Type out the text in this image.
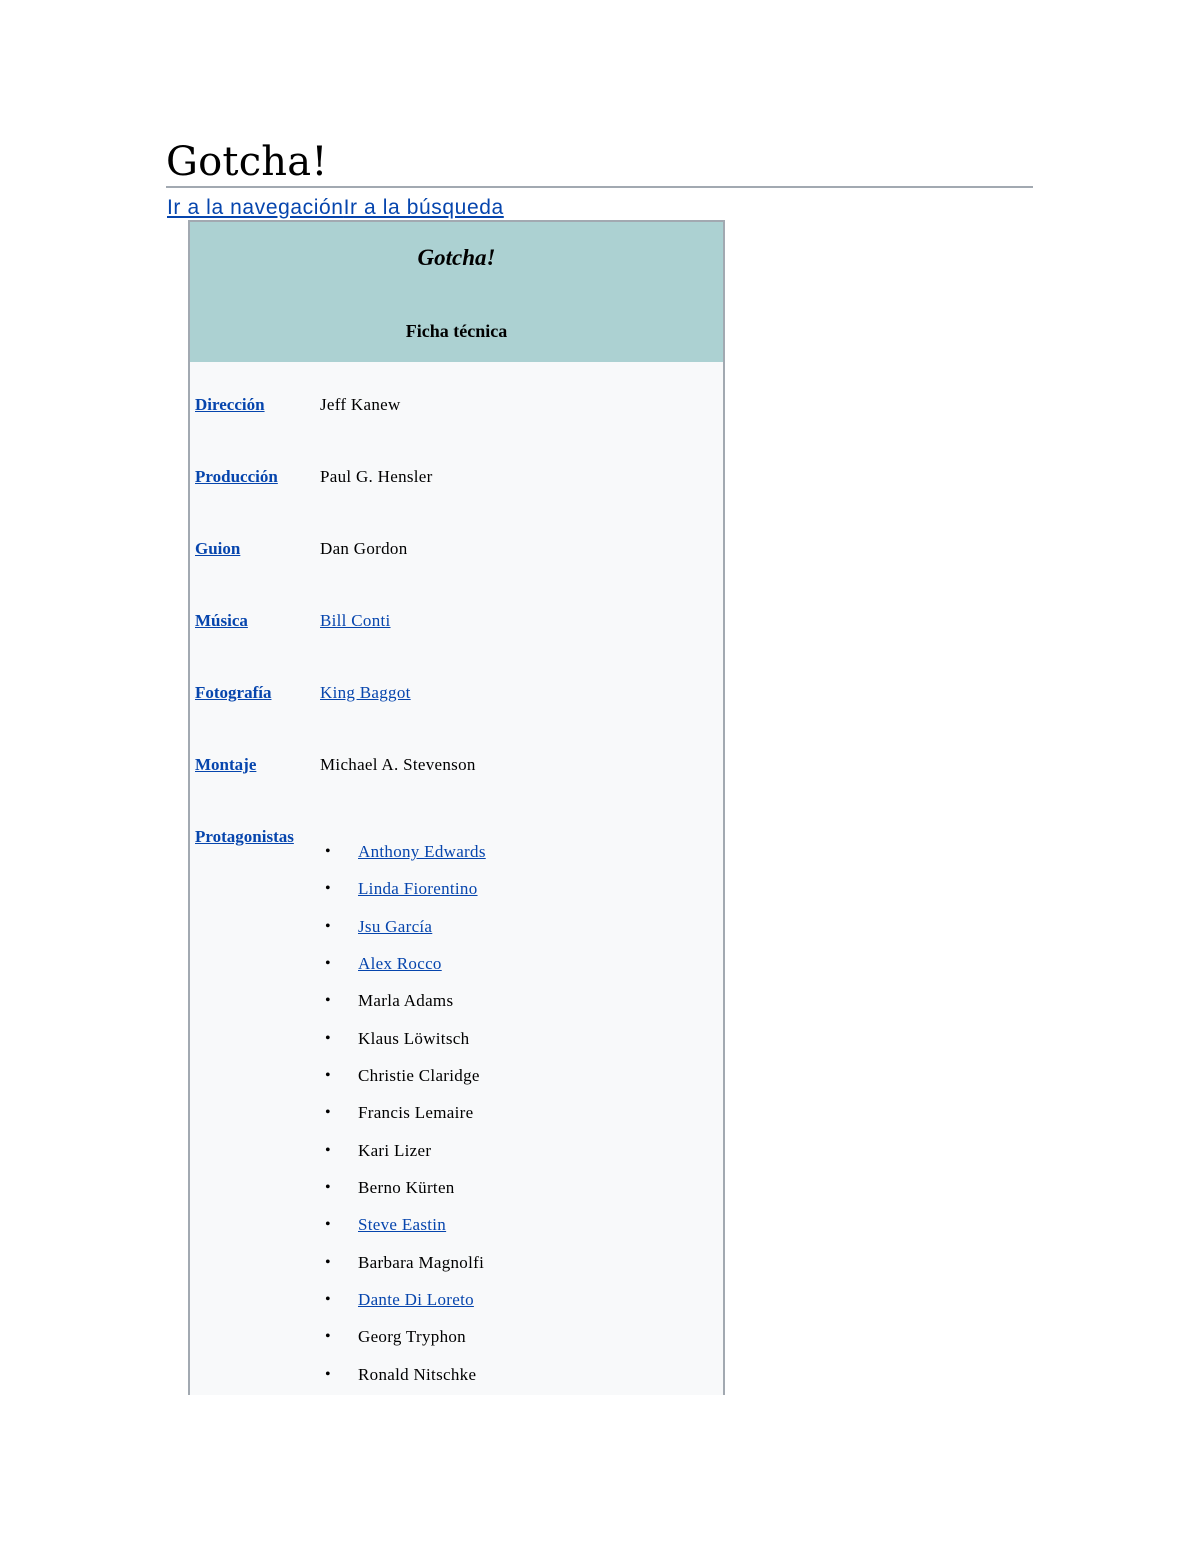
Gotcha!
Ir a la navegaciónIr a la búsqueda
Gotcha!
Ficha técnica
Dirección	Jeff Kanew
Producción Paul G. Hensler
Guion	Dan Gordon
Música	Bill Conti
Fotografía	King Baggot
Montaje	Michael A. Stevenson
Protagonistas
• Anthony Edwards
• Linda Fiorentino
• Jsu García
• Alex Rocco
• Marla Adams
• Klaus Löwitsch
• Christie Claridge
• Francis Lemaire
• Kari Lizer
• Berno Kürten
• Steve Eastin
• Barbara Magnolfi
• Dante Di Loreto
• Georg Tryphon
• Ronald Nitschke
